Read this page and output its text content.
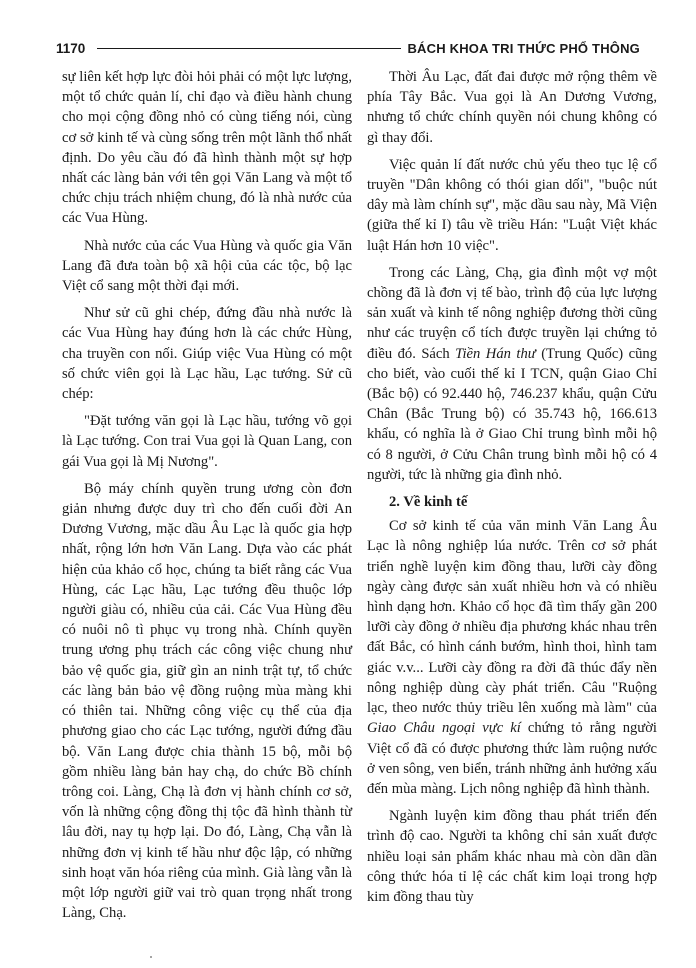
1170	BÁCH KHOA TRI THỨC PHỔ THÔNG

sự liên kết hợp lực đòi hỏi phải có một lực lượng, một tổ chức quản lí, chỉ đạo và điều hành chung cho mọi cộng đồng nhỏ có cùng tiếng nói, cùng cơ sở kinh tế và cùng sống trên một lãnh thổ nhất định. Do yêu cầu đó đã hình thành một sự hợp nhất các làng bản với tên gọi Văn Lang và một tổ chức chịu trách nhiệm chung, đó là nhà nước của các Vua Hùng.

Nhà nước của các Vua Hùng và quốc gia Văn Lang đã đưa toàn bộ xã hội của các tộc, bộ lạc Việt cổ sang một thời đại mới.

Như sử cũ ghi chép, đứng đầu nhà nước là các Vua Hùng hay đúng hơn là các chức Hùng, cha truyền con nối. Giúp việc Vua Hùng có một số chức viên gọi là Lạc hầu, Lạc tướng. Sử cũ chép:

"Đặt tướng văn gọi là Lạc hầu, tướng võ gọi là Lạc tướng. Con trai Vua gọi là Quan Lang, con gái Vua gọi là Mị Nương".

Bộ máy chính quyền trung ương còn đơn giản nhưng được duy trì cho đến cuối đời An Dương Vương, mặc dầu Âu Lạc là quốc gia hợp nhất, rộng lớn hơn Văn Lang. Dựa vào các phát hiện của khảo cổ học, chúng ta biết rằng các Vua Hùng, các Lạc hầu, Lạc tướng đều thuộc lớp người giàu có, nhiều của cải. Các Vua Hùng đều có nuôi nô tì phục vụ trong nhà. Chính quyền trung ương phụ trách các công việc chung như bảo vệ quốc gia, giữ gìn an ninh trật tự, tổ chức các làng bản bảo vệ đồng ruộng mùa màng khi có thiên tai. Những công việc cụ thể của địa phương giao cho các Lạc tướng, người đứng đầu bộ. Văn Lang được chia thành 15 bộ, mỗi bộ gồm nhiều làng bản hay chạ, do chức Bồ chính trông coi. Làng, Chạ là đơn vị hành chính cơ sở, vốn là những cộng đồng thị tộc đã hình thành từ lâu đời, nay tụ hợp lại. Do đó, Làng, Chạ vẫn là những đơn vị kinh tế hầu như độc lập, có những sinh hoạt văn hóa riêng của mình. Già làng vẫn là một lớp người giữ vai trò quan trọng nhất trong Làng, Chạ.

Thời Âu Lạc, đất đai được mở rộng thêm về phía Tây Bắc. Vua gọi là An Dương Vương, nhưng tổ chức chính quyền nói chung không có gì thay đổi.

Việc quản lí đất nước chủ yếu theo tục lệ cổ truyền "Dân không có thói gian dối", "buộc nút dây mà làm chính sự", mặc dầu sau này, Mã Viện (giữa thế kỉ I) tâu về triều Hán: "Luật Việt khác luật Hán hơn 10 việc".

Trong các Làng, Chạ, gia đình một vợ một chồng đã là đơn vị tế bào, trình độ của lực lượng sản xuất và kinh tế nông nghiệp đương thời cũng như các truyện cổ tích được truyền lại chứng tỏ điều đó. Sách Tiền Hán thư (Trung Quốc) cũng cho biết, vào cuối thế kỉ I TCN, quận Giao Chỉ (Bắc bộ) có 92.440 hộ, 746.237 khẩu, quận Cửu Chân (Bắc Trung bộ) có 35.743 hộ, 166.613 khẩu, có nghĩa là ở Giao Chỉ trung bình mỗi hộ có 8 người, ở Cửu Chân trung bình mỗi hộ có 4 người, tức là những gia đình nhỏ.

2. Về kinh tế

Cơ sở kinh tế của văn minh Văn Lang Âu Lạc là nông nghiệp lúa nước. Trên cơ sở phát triển nghề luyện kim đồng thau, lưỡi cày đồng ngày càng được sản xuất nhiều hơn và có nhiều hình dạng hơn. Khảo cổ học đã tìm thấy gần 200 lưỡi cày đồng ở nhiều địa phương khác nhau trên đất Bắc, có hình cánh bướm, hình thoi, hình tam giác v.v... Lưỡi cày đồng ra đời đã thúc đẩy nền nông nghiệp dùng cày phát triển. Câu "Ruộng lạc, theo nước thủy triều lên xuống mà làm" của Giao Châu ngoại vực kí chứng tỏ rằng người Việt cổ đã có được phương thức làm ruộng nước ở ven sông, ven biển, tránh những ảnh hưởng xấu đến mùa màng. Lịch nông nghiệp đã hình thành.

Ngành luyện kim đồng thau phát triển đến trình độ cao. Người ta không chỉ sản xuất được nhiều loại sản phẩm khác nhau mà còn dần dần công thức hóa tỉ lệ các chất kim loại trong hợp kim đồng thau tùy
